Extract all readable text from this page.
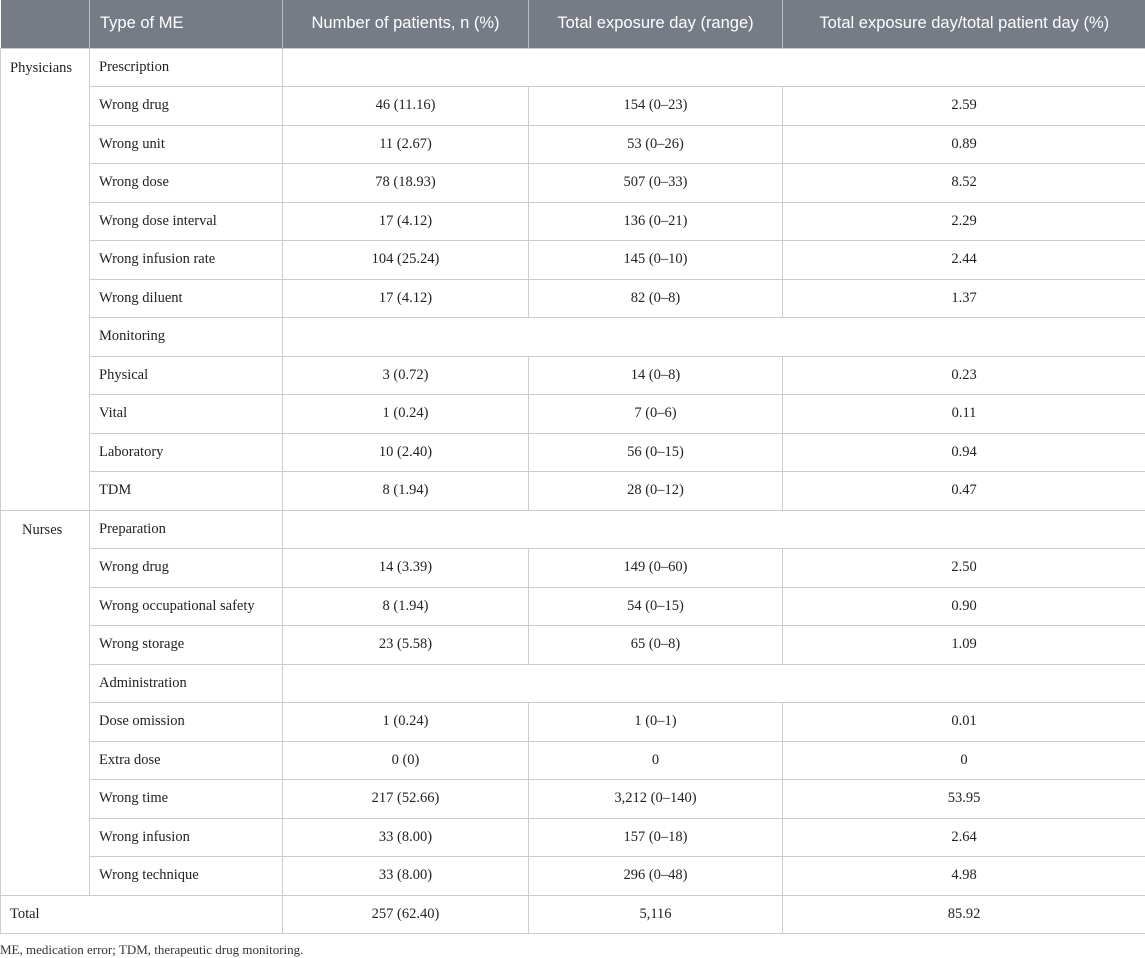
	Type of ME	Number of patients, n (%)	Total exposure day (range)	Total exposure day/total patient day (%)
Physicians	Prescription			
	Wrong drug	46 (11.16)	154 (0–23)	2.59
	Wrong unit	11 (2.67)	53 (0–26)	0.89
	Wrong dose	78 (18.93)	507 (0–33)	8.52
	Wrong dose interval	17 (4.12)	136 (0–21)	2.29
	Wrong infusion rate	104 (25.24)	145 (0–10)	2.44
	Wrong diluent	17 (4.12)	82 (0–8)	1.37
	Monitoring			
	Physical	3 (0.72)	14 (0–8)	0.23
	Vital	1 (0.24)	7 (0–6)	0.11
	Laboratory	10 (2.40)	56 (0–15)	0.94
	TDM	8 (1.94)	28 (0–12)	0.47
Nurses	Preparation			
	Wrong drug	14 (3.39)	149 (0–60)	2.50
	Wrong occupational safety	8 (1.94)	54 (0–15)	0.90
	Wrong storage	23 (5.58)	65 (0–8)	1.09
	Administration			
	Dose omission	1 (0.24)	1 (0–1)	0.01
	Extra dose	0 (0)	0	0
	Wrong time	217 (52.66)	3,212 (0–140)	53.95
	Wrong infusion	33 (8.00)	157 (0–18)	2.64
	Wrong technique	33 (8.00)	296 (0–48)	4.98
Total		257 (62.40)	5,116	85.92
ME, medication error; TDM, therapeutic drug monitoring.
